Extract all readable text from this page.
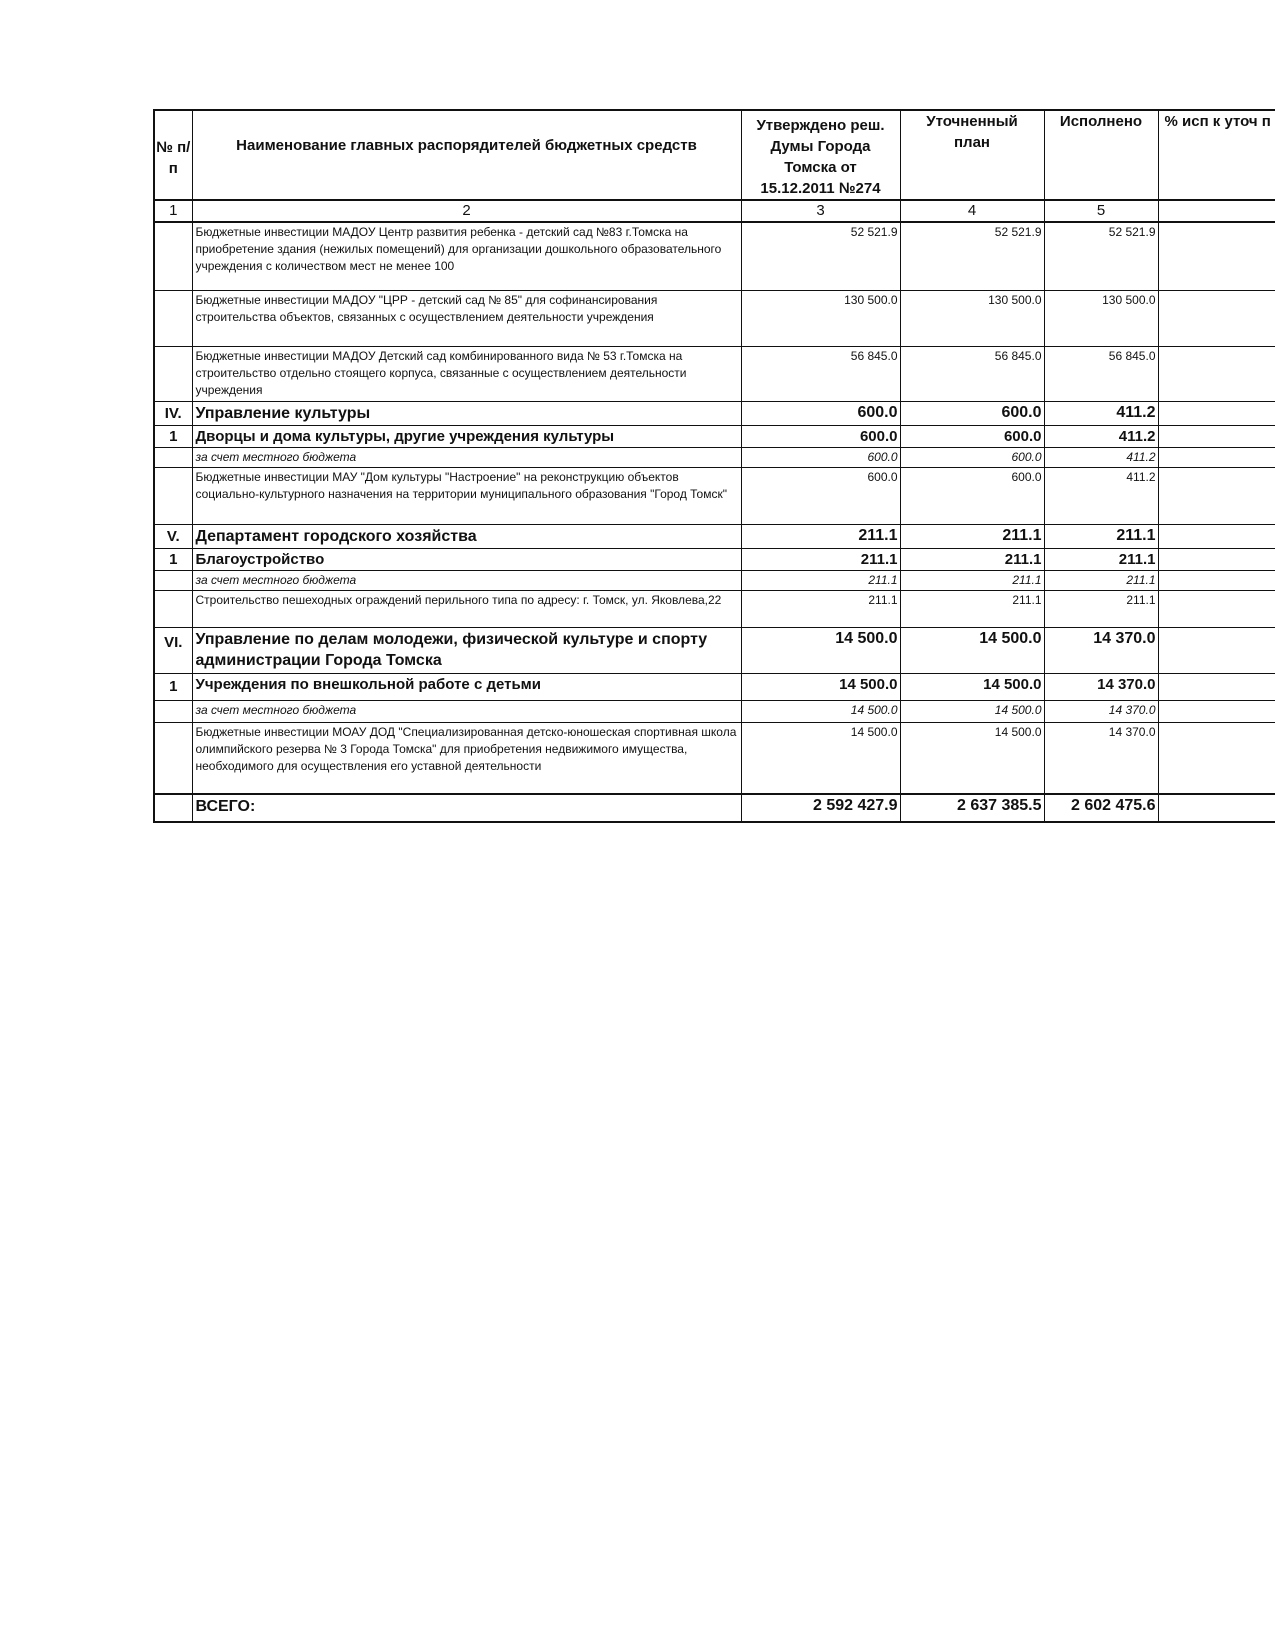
№ п/п	Наименование главных распорядителей бюджетных средств	Утверждено реш. Думы Города Томска от 15.12.2011 №274	Уточненный план	Исполнено	% исп к уточ п

1	2	3	4	5	
	Бюджетные инвестиции МАДОУ Центр развития ребенка - детский сад №83 г.Томска на приобретение здания (нежилых помещений) для организации дошкольного образовательного учреждения с количеством мест не менее 100	52 521.9	52 521.9	52 521.9	
	Бюджетные инвестиции МАДОУ "ЦРР - детский сад № 85" для софинансирования строительства объектов, связанных с осуществлением деятельности учреждения	130 500.0	130 500.0	130 500.0	
	Бюджетные инвестиции МАДОУ Детский сад комбинированного вида № 53 г.Томска на строительство отдельно стоящего корпуса, связанные с осуществлением деятельности учреждения	56 845.0	56 845.0	56 845.0	
IV.	Управление культуры	600.0	600.0	411.2	
1	Дворцы и дома культуры, другие учреждения культуры	600.0	600.0	411.2	
	за счет местного бюджета	600.0	600.0	411.2	
	Бюджетные инвестиции МАУ "Дом культуры "Настроение" на реконструкцию объектов социально-культурного назначения на территории муниципального образования "Город Томск"	600.0	600.0	411.2	
V.	Департамент городского хозяйства	211.1	211.1	211.1	
1	Благоустройство	211.1	211.1	211.1	
	за счет местного бюджета	211.1	211.1	211.1	
	Строительство пешеходных ограждений перильного типа по адресу: г. Томск, ул. Яковлева,22	211.1	211.1	211.1	
VI.	Управление по делам молодежи, физической культуре и спорту администрации Города Томска	14 500.0	14 500.0	14 370.0	
1	Учреждения по внешкольной работе с детьми	14 500.0	14 500.0	14 370.0	
	за счет местного бюджета	14 500.0	14 500.0	14 370.0	
	Бюджетные инвестиции МОАУ ДОД "Специализированная детско-юношеская спортивная школа олимпийского резерва № 3 Города Томска" для приобретения недвижимого имущества, необходимого для осуществления его уставной деятельности	14 500.0	14 500.0	14 370.0	
	ВСЕГО:	2 592 427.9	2 637 385.5	2 602 475.6	
